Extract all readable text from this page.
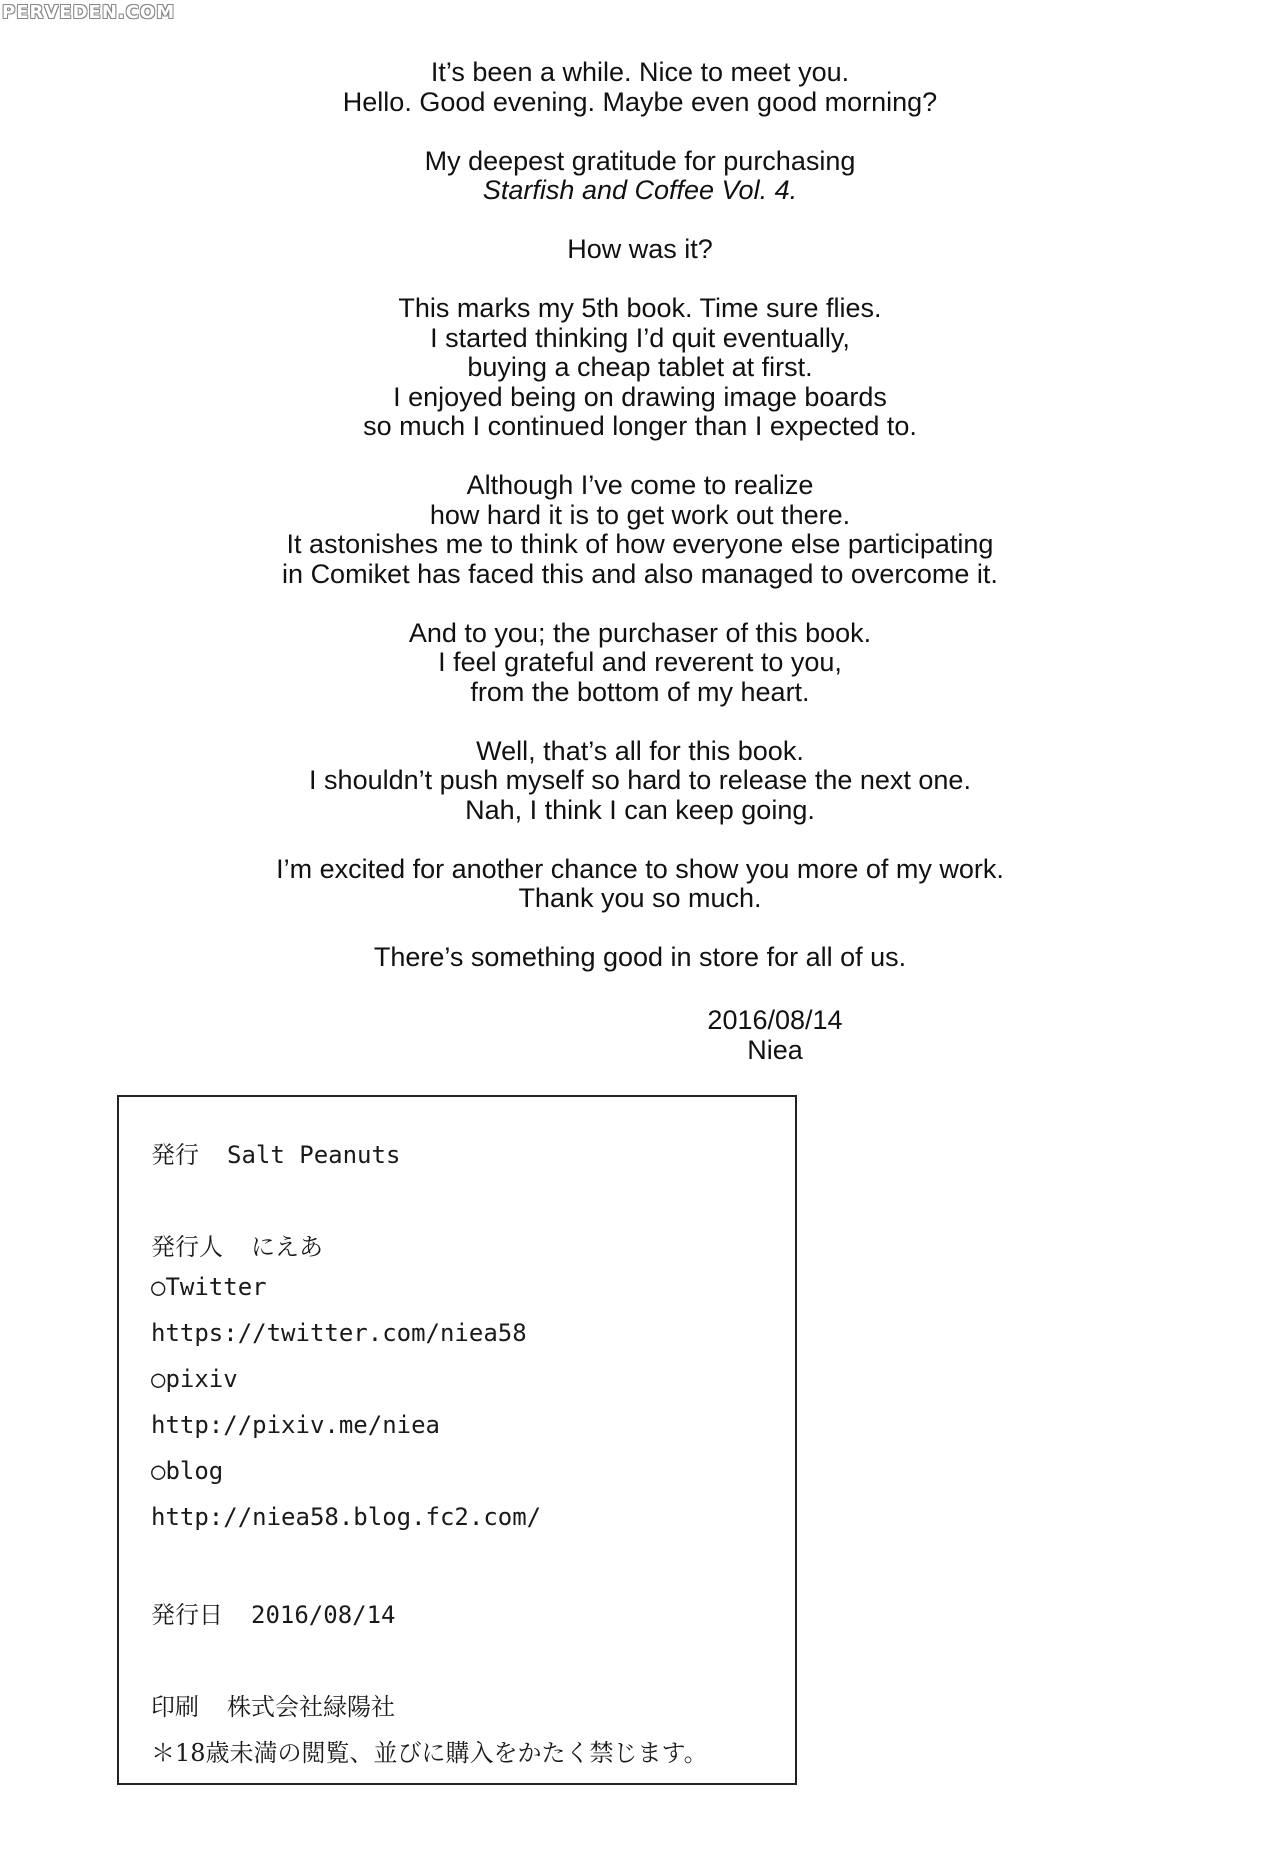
PERVEDEN.COM
It’s been a while. Nice to meet you.
Hello. Good evening. Maybe even good morning?
My deepest gratitude for purchasing
Starfish and Coffee Vol. 4.
How was it?
This marks my 5th book. Time sure flies.
I started thinking I’d quit eventually,
buying a cheap tablet at first.
I enjoyed being on drawing image boards
so much I continued longer than I expected to.
Although I’ve come to realize
how hard it is to get work out there.
It astonishes me to think of how everyone else participating
in Comiket has faced this and also managed to overcome it.
And to you; the purchaser of this book.
I feel grateful and reverent to you,
from the bottom of my heart.
Well, that’s all for this book.
I shouldn’t push myself so hard to release the next one.
Nah, I think I can keep going.
I’m excited for another chance to show you more of my work.
Thank you so much.
There’s something good in store for all of us.
2016/08/14
Niea
発行 Salt Peanuts
発行人 にえあ
○Twitter
https://twitter.com/niea58
○pixiv
http://pixiv.me/niea
○blog
http://niea58.blog.fc2.com/
発行日 2016/08/14
印刷 株式会社緑陽社
＊18歳未満の閲覧、並びに購入をかたく禁じます。
